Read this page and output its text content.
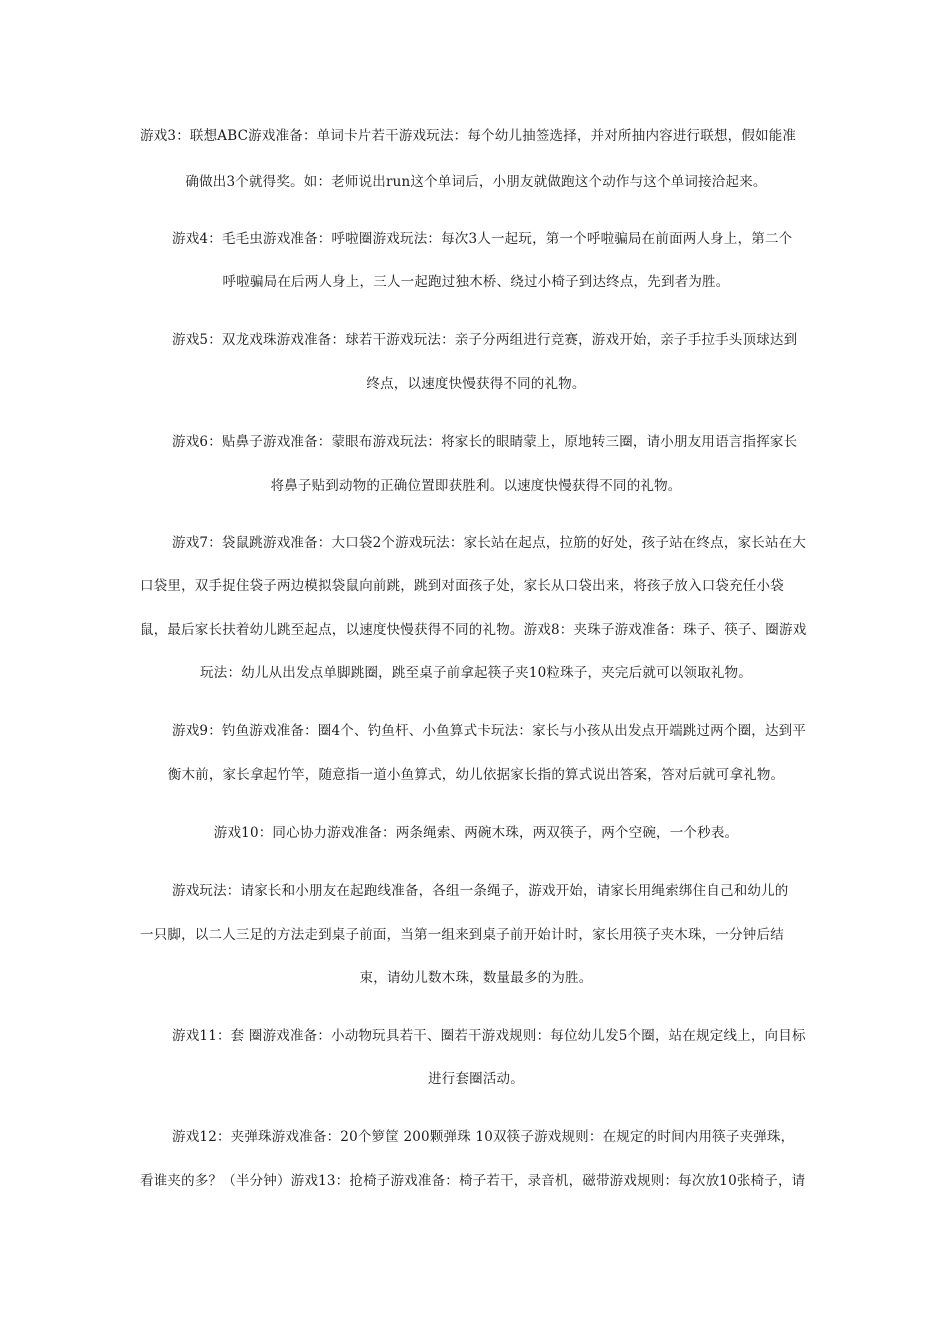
游戏3：联想ABC游戏准备：单词卡片若干游戏玩法：每个幼儿抽签选择，并对所抽内容进行联想，假如能准
确做出3个就得奖。如：老师说出run这个单词后，小朋友就做跑这个动作与这个单词接洽起来。
游戏4：毛毛虫游戏准备：呼啦圈游戏玩法：每次3人一起玩，第一个呼啦骗局在前面两人身上，第二个
呼啦骗局在后两人身上，三人一起跑过独木桥、绕过小椅子到达终点，先到者为胜。
游戏5：双龙戏珠游戏准备：球若干游戏玩法：亲子分两组进行竞赛，游戏开始，亲子手拉手头顶球达到
终点，以速度快慢获得不同的礼物。
游戏6：贴鼻子游戏准备：蒙眼布游戏玩法：将家长的眼睛蒙上，原地转三圈，请小朋友用语言指挥家长
将鼻子贴到动物的正确位置即获胜利。以速度快慢获得不同的礼物。
游戏7：袋鼠跳游戏准备：大口袋2个游戏玩法：家长站在起点，拉筋的好处，孩子站在终点，家长站在大
口袋里，双手捉住袋子两边模拟袋鼠向前跳，跳到对面孩子处，家长从口袋出来，将孩子放入口袋充任小袋
鼠，最后家长扶着幼儿跳至起点，以速度快慢获得不同的礼物。游戏8：夹珠子游戏准备：珠子、筷子、圈游戏
玩法：幼儿从出发点单脚跳圈，跳至桌子前拿起筷子夹10粒珠子，夹完后就可以领取礼物。
游戏9：钓鱼游戏准备：圈4个、钓鱼杆、小鱼算式卡玩法：家长与小孩从出发点开端跳过两个圈，达到平
衡木前，家长拿起竹竿，随意指一道小鱼算式，幼儿依据家长指的算式说出答案，答对后就可拿礼物。
游戏10：同心协力游戏准备：两条绳索、两碗木珠，两双筷子，两个空碗，一个秒表。
游戏玩法：请家长和小朋友在起跑线准备，各组一条绳子，游戏开始，请家长用绳索绑住自己和幼儿的
一只脚，以二人三足的方法走到桌子前面，当第一组来到桌子前开始计时，家长用筷子夹木珠，一分钟后结
束，请幼儿数木珠，数量最多的为胜。
游戏11：套 圈游戏准备：小动物玩具若干、圈若干游戏规则：每位幼儿发5个圈，站在规定线上，向目标
进行套圈活动。
游戏12：夹弹珠游戏准备：20个箩筐 200颗弹珠 10双筷子游戏规则：在规定的时间内用筷子夹弹珠，
看谁夹的多？（半分钟）游戏13：抢椅子游戏准备：椅子若干，录音机，磁带游戏规则：每次放10张椅子，请
